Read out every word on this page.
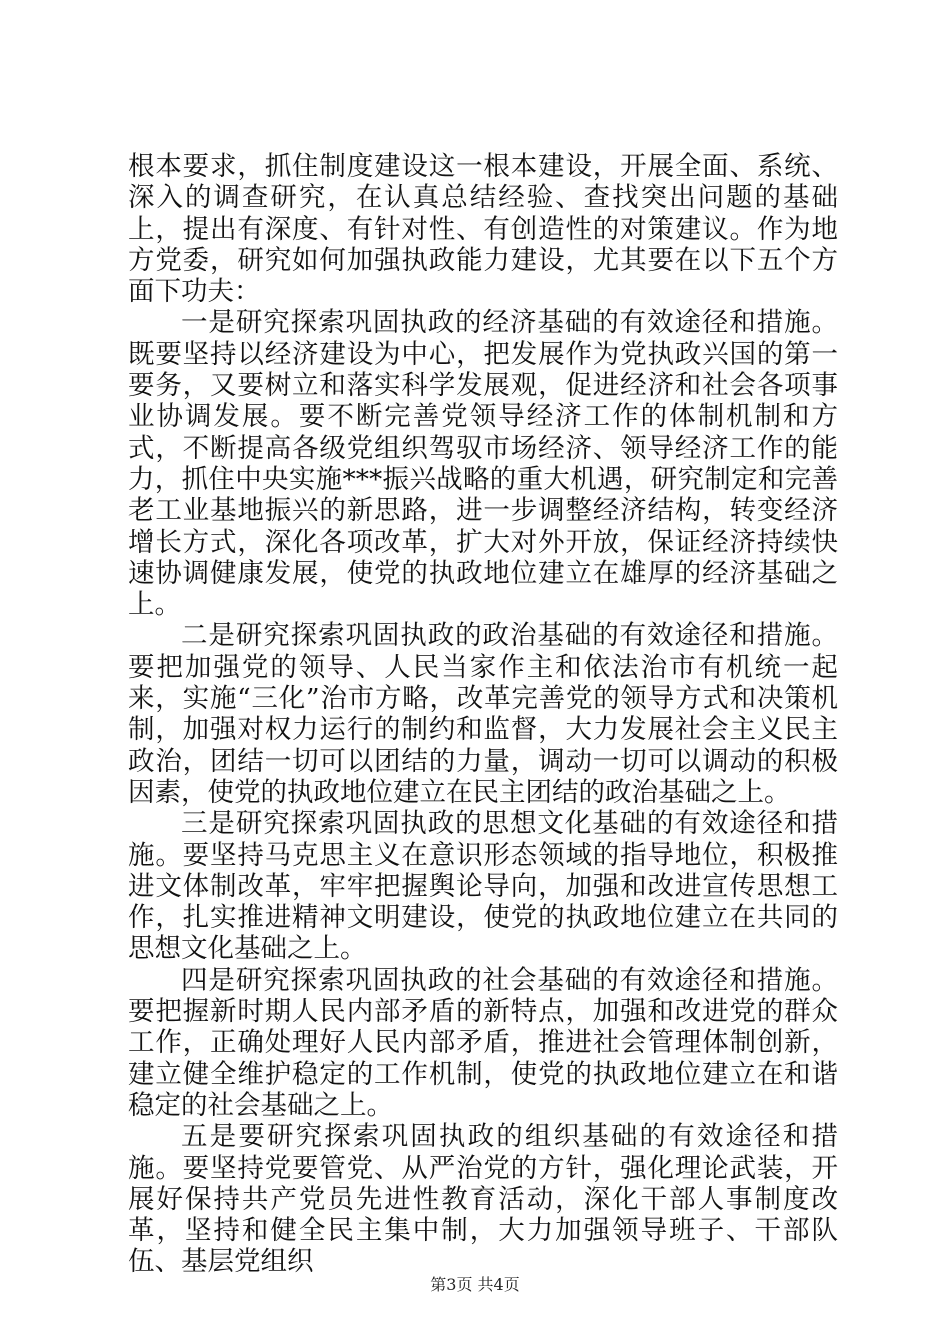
根本要求，抓住制度建设这一根本建设，开展全面、系统、深入的调查研究，在认真总结经验、查找突出问题的基础上，提出有深度、有针对性、有创造性的对策建议。作为地方党委，研究如何加强执政能力建设，尤其要在以下五个方面下功夫：

一是研究探索巩固执政的经济基础的有效途径和措施。既要坚持以经济建设为中心，把发展作为党执政兴国的第一要务，又要树立和落实科学发展观，促进经济和社会各项事业协调发展。要不断完善党领导经济工作的体制机制和方式，不断提高各级党组织驾驭市场经济、领导经济工作的能力，抓住中央实施***振兴战略的重大机遇，研究制定和完善老工业基地振兴的新思路，进一步调整经济结构，转变经济增长方式，深化各项改革，扩大对外开放，保证经济持续快速协调健康发展，使党的执政地位建立在雄厚的经济基础之上。

二是研究探索巩固执政的政治基础的有效途径和措施。要把加强党的领导、人民当家作主和依法治市有机统一起来，实施“三化”治市方略，改革完善党的领导方式和决策机制，加强对权力运行的制约和监督，大力发展社会主义民主政治，团结一切可以团结的力量，调动一切可以调动的积极因素，使党的执政地位建立在民主团结的政治基础之上。

三是研究探索巩固执政的思想文化基础的有效途径和措施。要坚持马克思主义在意识形态领域的指导地位，积极推进文体制改革，牢牢把握舆论导向，加强和改进宣传思想工作，扎实推进精神文明建设，使党的执政地位建立在共同的思想文化基础之上。

四是研究探索巩固执政的社会基础的有效途径和措施。要把握新时期人民内部矛盾的新特点，加强和改进党的群众工作，正确处理好人民内部矛盾，推进社会管理体制创新，建立健全维护稳定的工作机制，使党的执政地位建立在和谐稳定的社会基础之上。

五是要研究探索巩固执政的组织基础的有效途径和措施。要坚持党要管党、从严治党的方针，强化理论武装，开展好保持共产党员先进性教育活动，深化干部人事制度改革，坚持和健全民主集中制，大力加强领导班子、干部队伍、基层党组织

第3页 共4页
